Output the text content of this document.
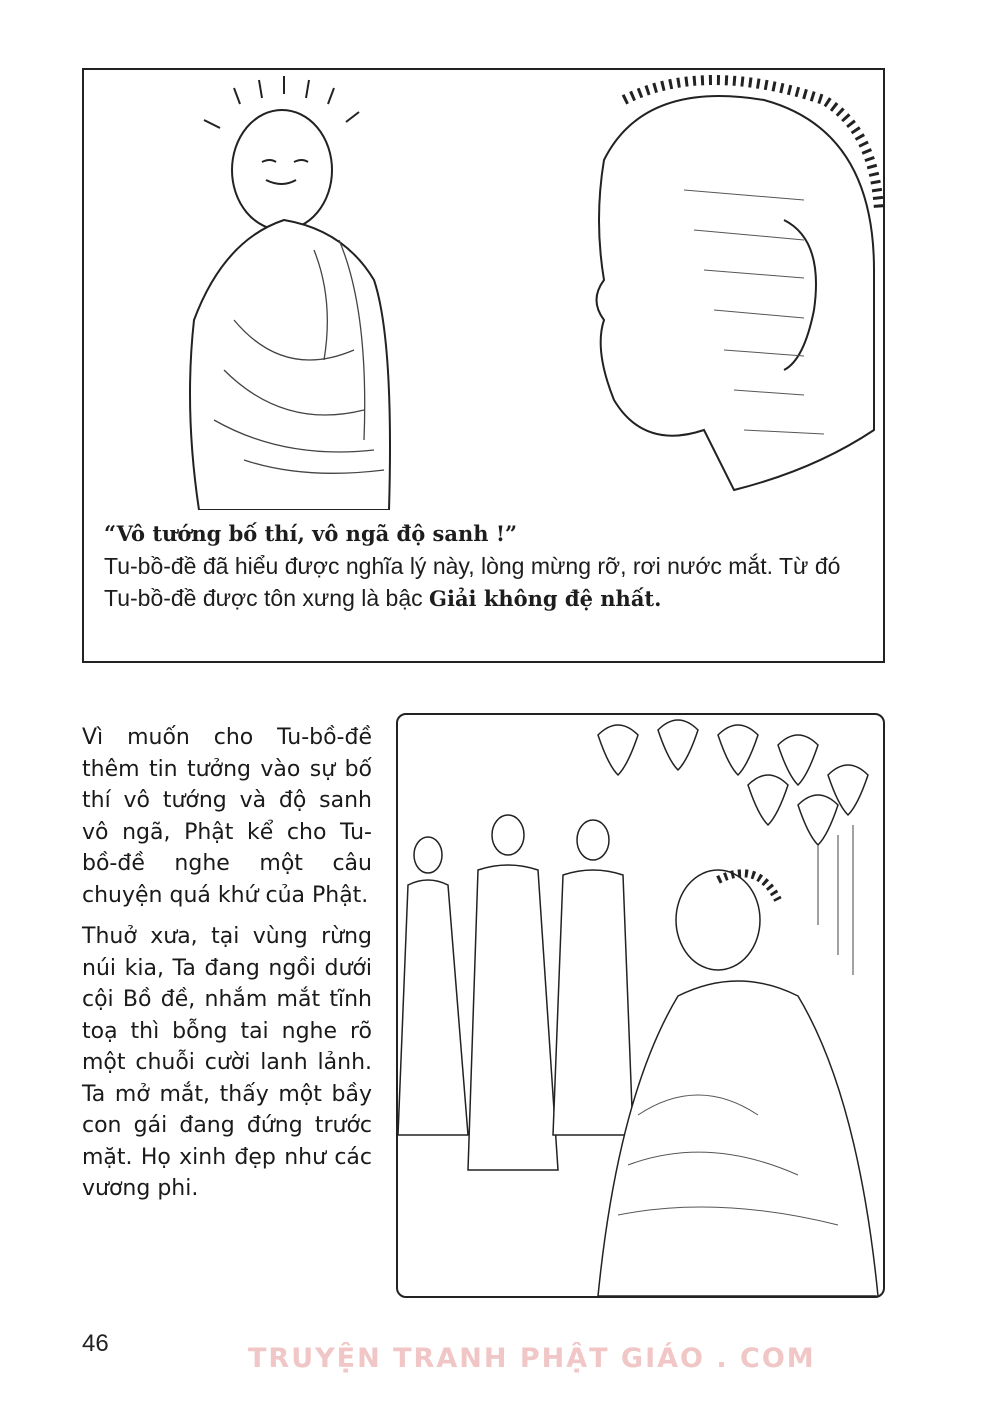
“Vô tướng bố thí, vô ngã độ sanh !”
Tu-bồ-đề đã hiểu được nghĩa lý này, lòng mừng rỡ, rơi nước mắt. Từ đó Tu-bồ-đề được tôn xưng là bậc Giải không đệ nhất.

Vì muốn cho Tu-bồ-đề thêm tin tưởng vào sự bố thí vô tướng và độ sanh vô ngã, Phật kể cho Tu-bồ-đề nghe một câu chuyện quá khứ của Phật.

Thuở xưa, tại vùng rừng núi kia, Ta đang ngồi dưới cội Bồ đề, nhắm mắt tĩnh toạ thì bỗng tai nghe rõ một chuỗi cười lanh lảnh. Ta mở mắt, thấy một bầy con gái đang đứng trước mặt. Họ xinh đẹp như các vương phi.

46	TRUYỆN TRANH PHẬT GIÁO . COM
